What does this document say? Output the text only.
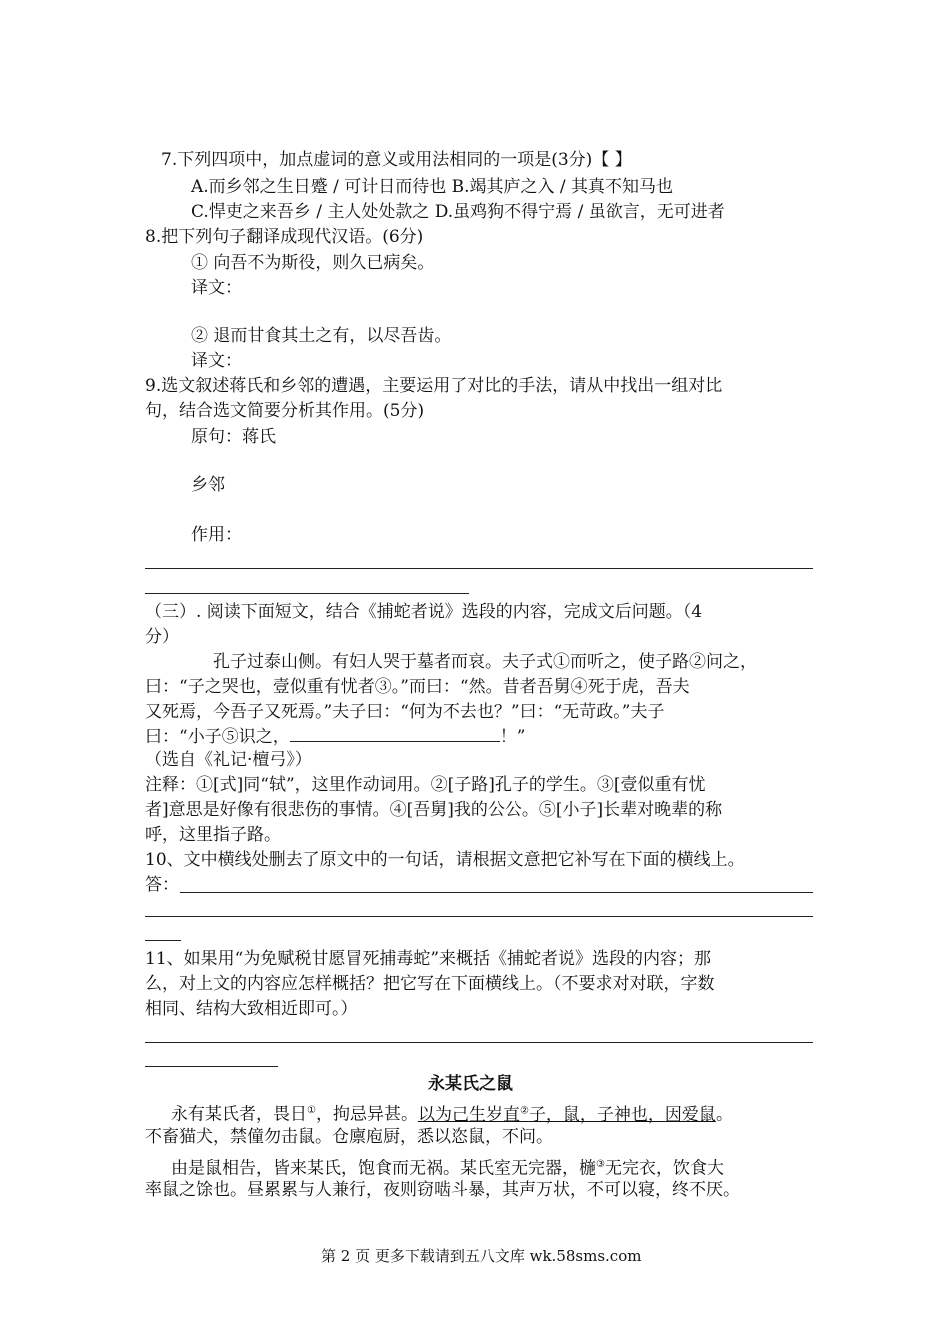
7.下列四项中，加点虚词的意义或用法相同的一项是(3分)【 】
A.而乡邻之生日蹙 / 可计日而待也 B.竭其庐之入 / 其真不知马也
C.悍吏之来吾乡 / 主人处处款之 D.虽鸡狗不得宁焉 / 虽欲言，无可进者
8.把下列句子翻译成现代汉语。(6分)
① 向吾不为斯役，则久已病矣。
译文：
② 退而甘食其土之有，以尽吾齿。
译文：
9.选文叙述蒋氏和乡邻的遭遇，主要运用了对比的手法，请从中找出一组对比
句，结合选文简要分析其作用。(5分)
原句：蒋氏
乡邻
作用：
（三）. 阅读下面短文，结合《捕蛇者说》选段的内容，完成文后问题。（4
分）
孔子过泰山侧。有妇人哭于墓者而哀。夫子式①而听之，使子路②问之，
曰：“子之哭也，壹似重有忧者③。”而曰：“然。昔者吾舅④死于虎，吾夫
又死焉，今吾子又死焉。”夫子曰：“何为不去也？”曰：“无苛政。”夫子
曰：“小子⑤识之，	！”
（选自《礼记·檀弓》）
注释：①[式]同“轼”，这里作动词用。②[子路]孔子的学生。③[壹似重有忧
者]意思是好像有很悲伤的事情。④[吾舅]我的公公。⑤[小子]长辈对晚辈的称
呼，这里指子路。
10、文中横线处删去了原文中的一句话，请根据文意把它补写在下面的横线上。
答：
11、如果用“为免赋税甘愿冒死捕毒蛇”来概括《捕蛇者说》选段的内容；那
么，对上文的内容应怎样概括？把它写在下面横线上。（不要求对对联，字数
相同、结构大致相近即可。）
永某氏之鼠
永有某氏者，畏日①，拘忌异甚。以为己生岁直②子，鼠，子神也，因爱鼠。
不畜猫犬，禁僮勿击鼠。仓廪庖厨，悉以恣鼠，不问。
由是鼠相告，皆来某氏，饱食而无祸。某氏室无完器，椸③无完衣，饮食大
率鼠之馀也。昼累累与人兼行，夜则窃啮斗暴，其声万状，不可以寝，终不厌。
第 2 页 更多下载请到五八文库 wk.58sms.com
